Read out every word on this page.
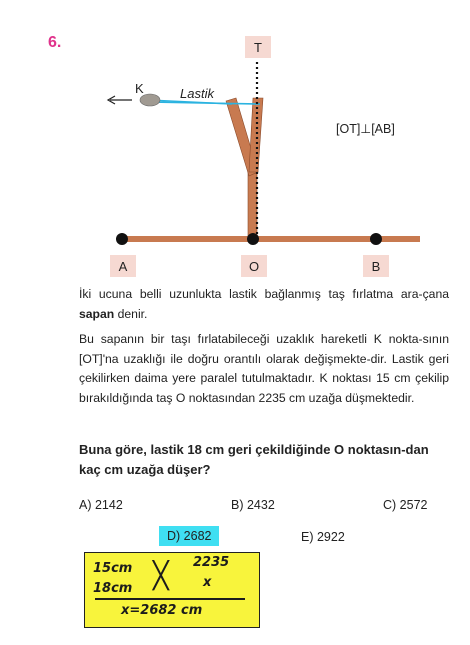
6.
K	Lastik
T
A	O	B
[OT]⊥[AB]
İki ucuna belli uzunlukta lastik bağlanmış taş fırlatma ara-çana sapan denir.
Bu sapanın bir taşı fırlatabileceği uzaklık hareketli K nokta-sının [OT]'na uzaklığı ile doğru orantılı olarak değişmekte-dir. Lastik geri çekilirken daima yere paralel tutulmaktadır. K noktası 15 cm çekilip bırakıldığında taş O noktasından 2235 cm uzağa düşmektedir.
Buna göre, lastik 18 cm geri çekildiğinde O noktasın-dan kaç cm uzağa düşer?
A) 2142	B) 2432	C) 2572
D) 2682	E) 2922
15cm ╳ 2235
18cm	x
x=2682 cm
